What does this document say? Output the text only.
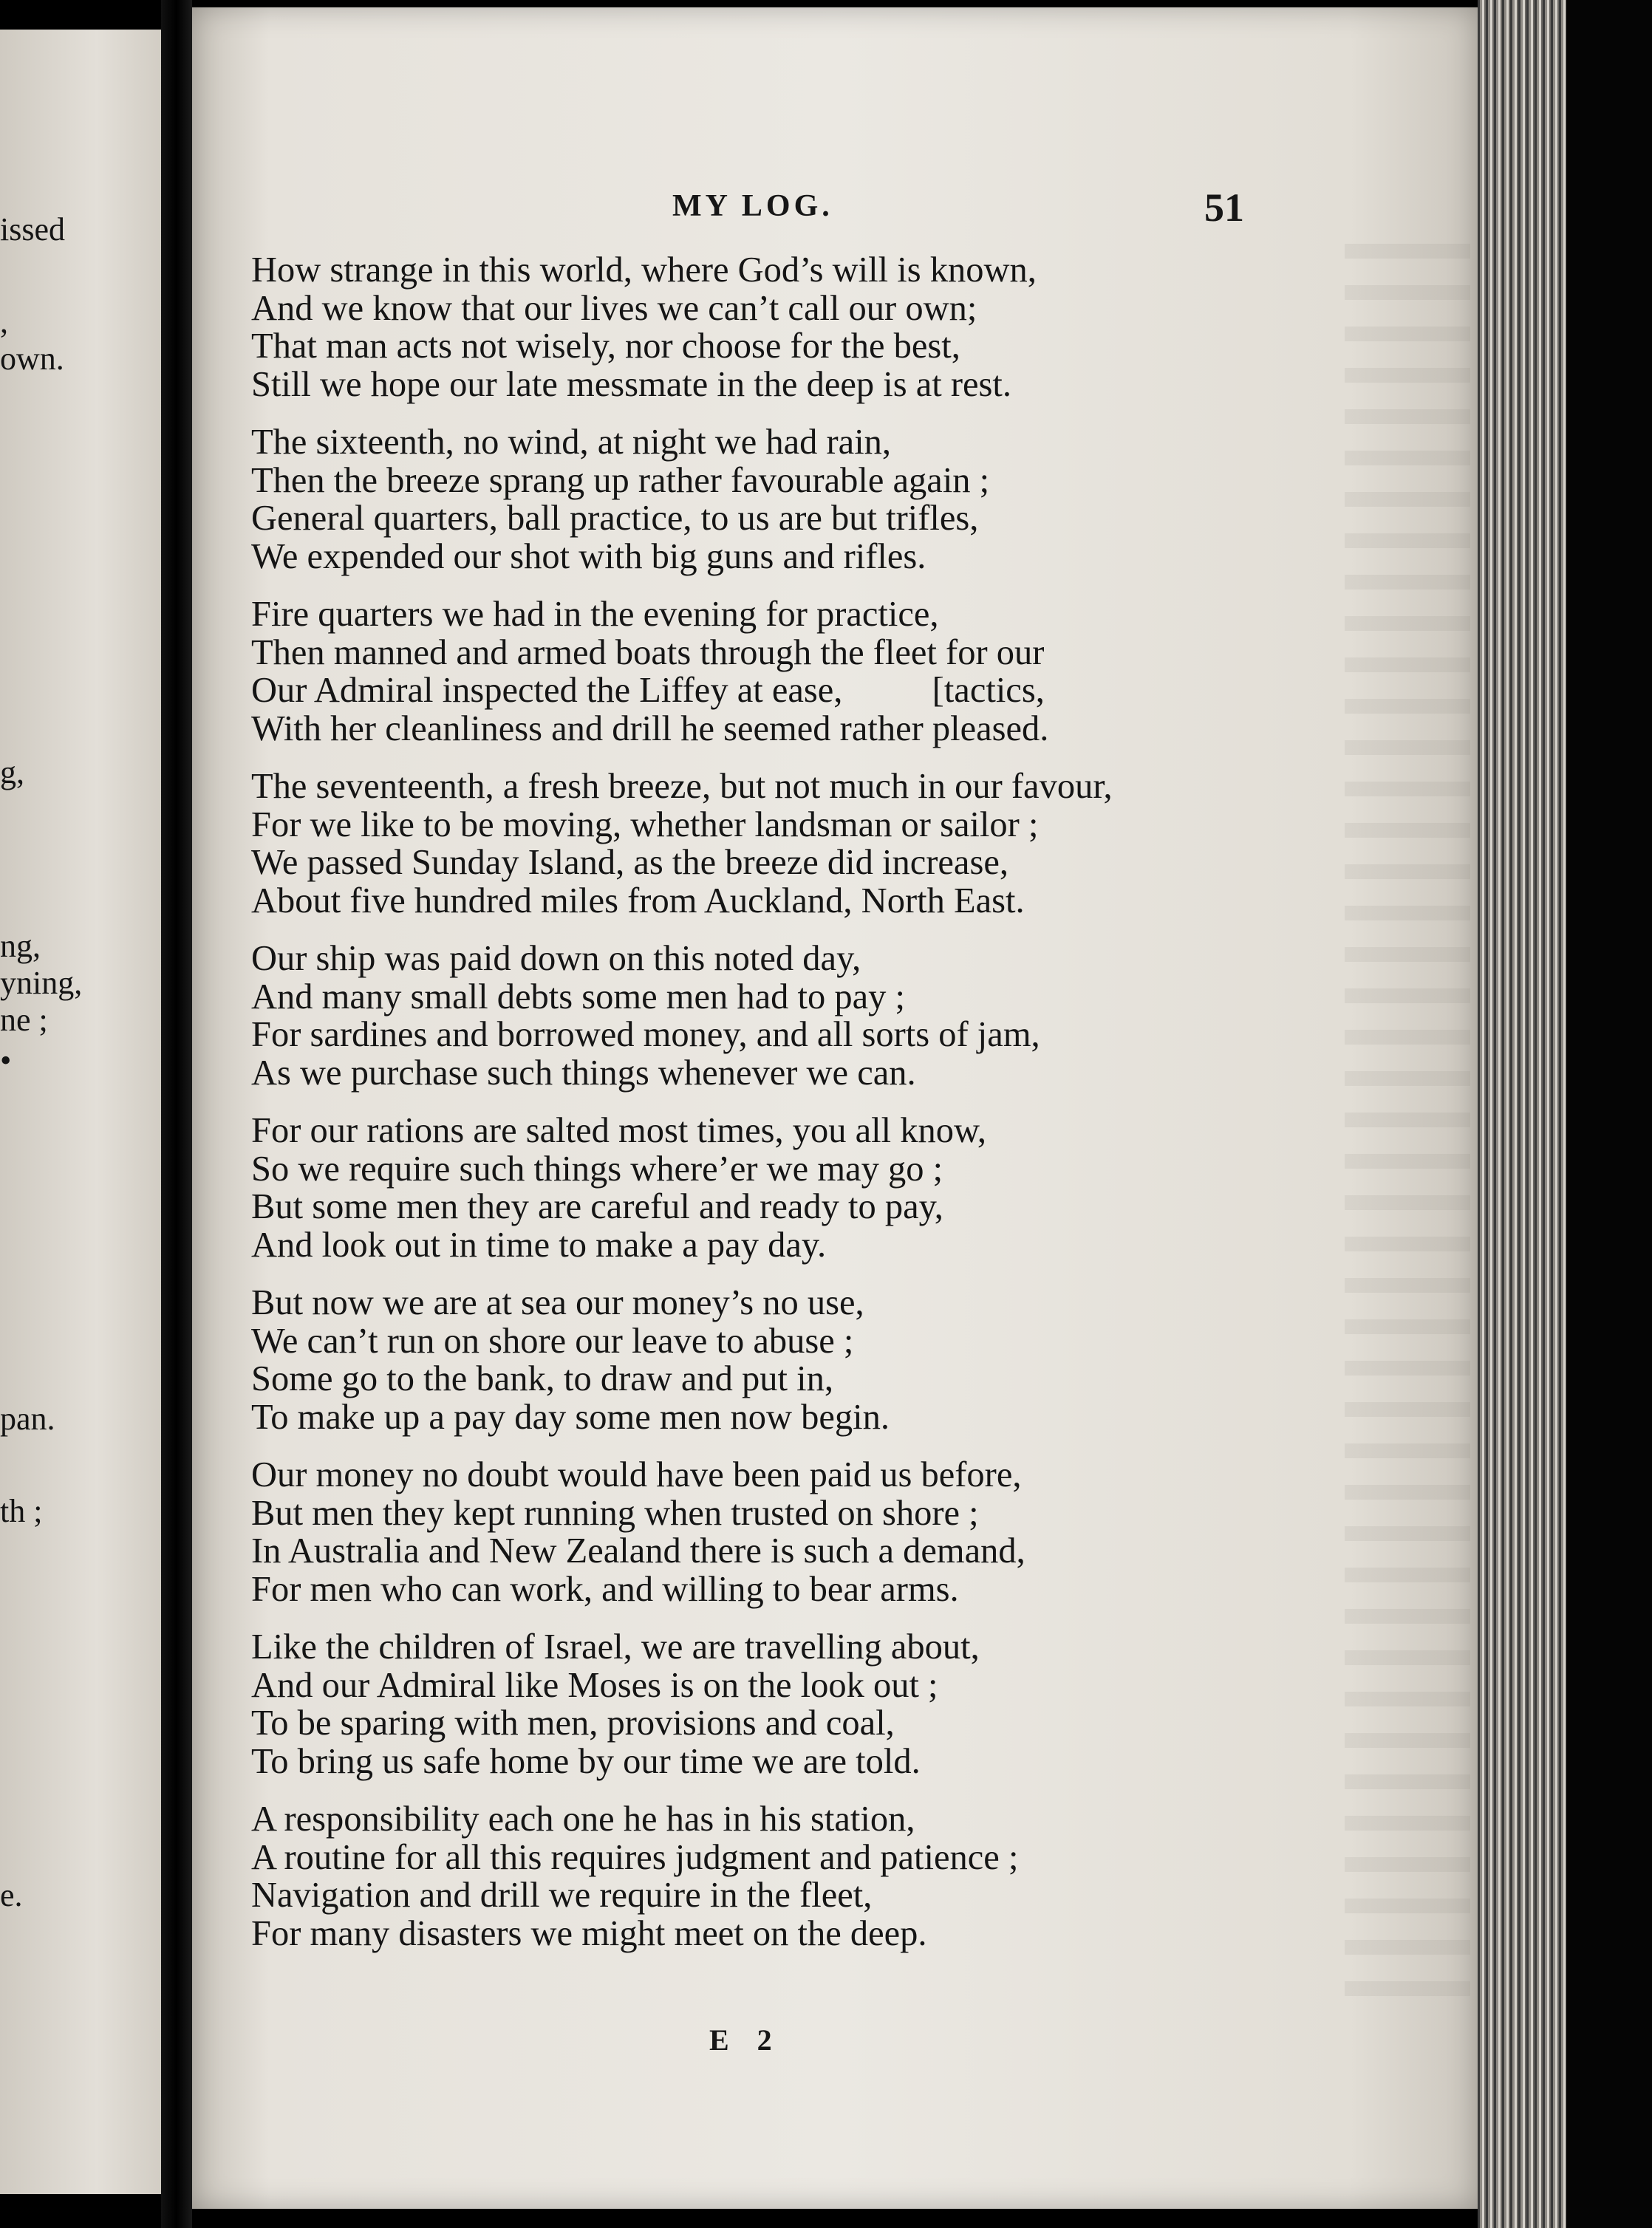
issed
,
own.
g,
ng,
yning,
ne ;
•
pan.
th ;
e.
MY LOG.	51
How strange in this world, where God’s will is known,
And we know that our lives we can’t call our own;
That man acts not wisely, nor choose for the best,
Still we hope our late messmate in the deep is at rest.
The sixteenth, no wind, at night we had rain,
Then the breeze sprang up rather favourable again ;
General quarters, ball practice, to us are but trifles,
We expended our shot with big guns and rifles.
Fire quarters we had in the evening for practice,
Then manned and armed boats through the fleet for our
Our Admiral inspected the Liffey at ease,          [tactics,
With her cleanliness and drill he seemed rather pleased.
The seventeenth, a fresh breeze, but not much in our favour,
For we like to be moving, whether landsman or sailor ;
We passed Sunday Island, as the breeze did increase,
About five hundred miles from Auckland, North East.
Our ship was paid down on this noted day,
And many small debts some men had to pay ;
For sardines and borrowed money, and all sorts of jam,
As we purchase such things whenever we can.
For our rations are salted most times, you all know,
So we require such things where’er we may go ;
But some men they are careful and ready to pay,
And look out in time to make a pay day.
But now we are at sea our money’s no use,
We can’t run on shore our leave to abuse ;
Some go to the bank, to draw and put in,
To make up a pay day some men now begin.
Our money no doubt would have been paid us before,
But men they kept running when trusted on shore ;
In Australia and New Zealand there is such a demand,
For men who can work, and willing to bear arms.
Like the children of Israel, we are travelling about,
And our Admiral like Moses is on the look out ;
To be sparing with men, provisions and coal,
To bring us safe home by our time we are told.
A responsibility each one he has in his station,
A routine for all this requires judgment and patience ;
Navigation and drill we require in the fleet,
For many disasters we might meet on the deep.
E 2
